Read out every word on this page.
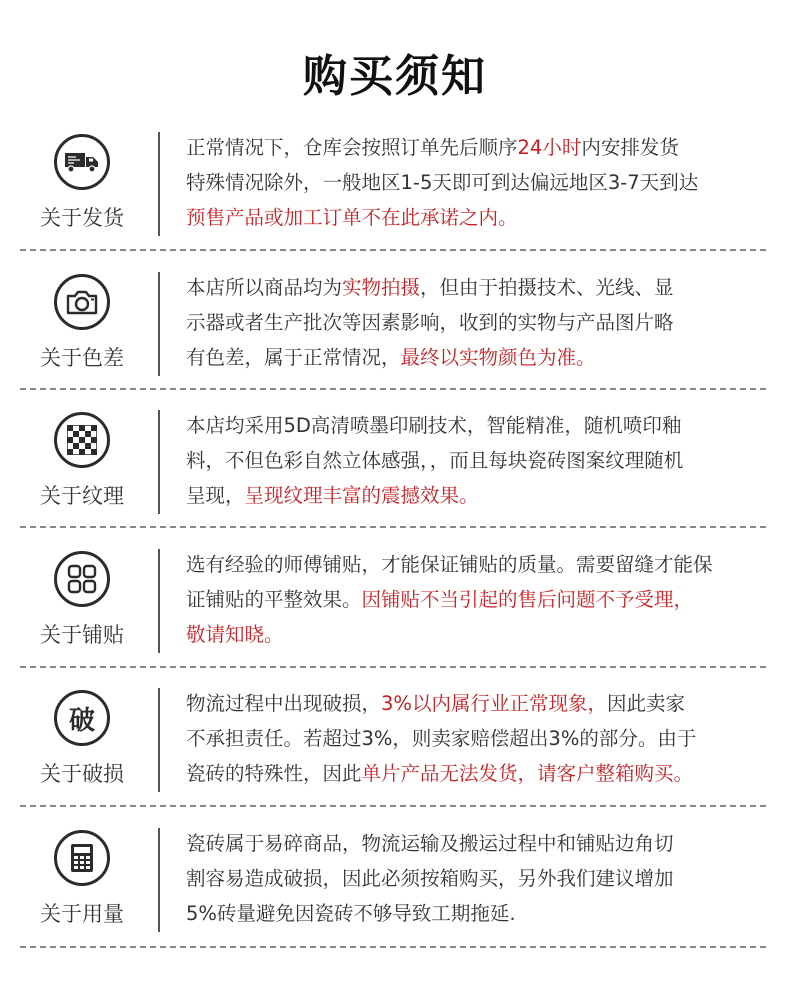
购买须知
关于发货
正常情况下，仓库会按照订单先后顺序24小时内安排发货
特殊情况除外，一般地区1-5天即可到达偏远地区3-7天到达
预售产品或加工订单不在此承诺之内。
关于色差
本店所以商品均为实物拍摄，但由于拍摄技术、光线、显
示器或者生产批次等因素影响，收到的实物与产品图片略
有色差，属于正常情况，最终以实物颜色为准。
关于纹理
本店均采用5D高清喷墨印刷技术，智能精准，随机喷印釉
料，不但色彩自然立体感强，，而且每块瓷砖图案纹理随机
呈现，呈现纹理丰富的震撼效果。
关于铺贴
选有经验的师傅铺贴，才能保证铺贴的质量。需要留缝才能保
证铺贴的平整效果。因铺贴不当引起的售后问题不予受理，
敬请知晓。
破
关于破损
物流过程中出现破损，3%以内属行业正常现象，因此卖家
不承担责任。若超过3%，则卖家赔偿超出3%的部分。由于
瓷砖的特殊性，因此单片产品无法发货，请客户整箱购买。
关于用量
瓷砖属于易碎商品，物流运输及搬运过程中和铺贴边角切
割容易造成破损，因此必须按箱购买，另外我们建议增加
5%砖量避免因瓷砖不够导致工期拖延.
